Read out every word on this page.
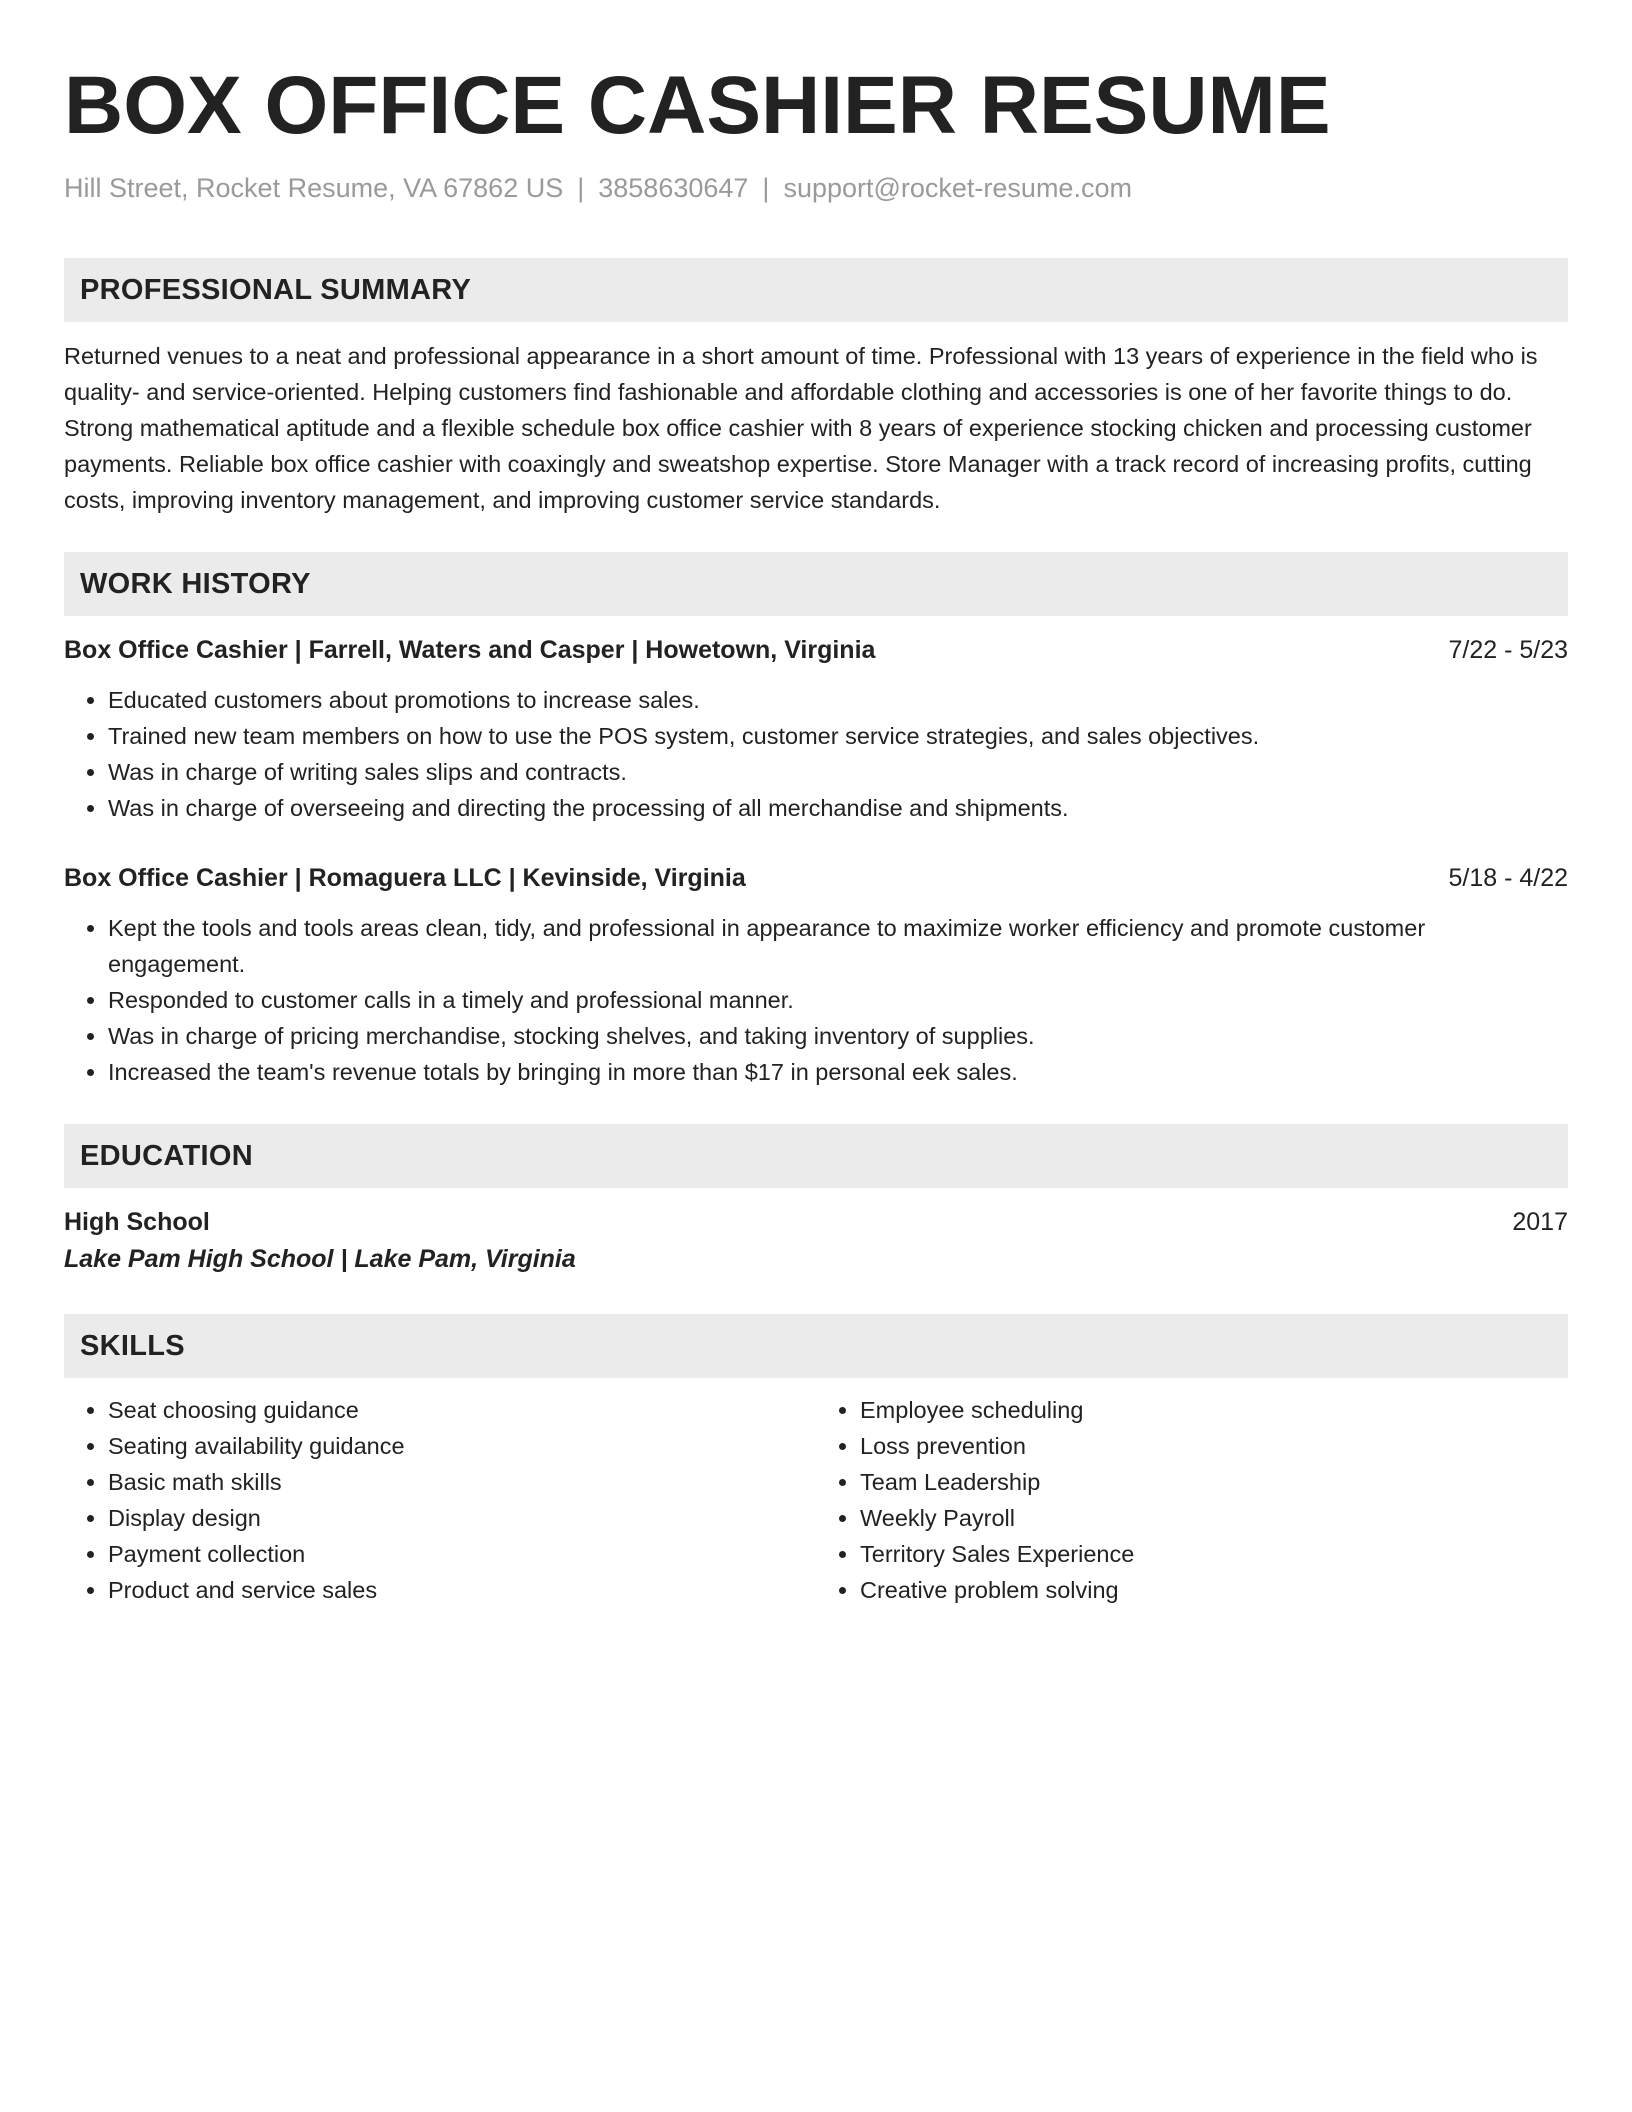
BOX OFFICE CASHIER RESUME
Hill Street, Rocket Resume, VA 67862 US | 3858630647 | support@rocket-resume.com
PROFESSIONAL SUMMARY

Returned venues to a neat and professional appearance in a short amount of time. Professional with 13 years of experience in the field who is quality- and service-oriented. Helping customers find fashionable and affordable clothing and accessories is one of her favorite things to do. Strong mathematical aptitude and a flexible schedule box office cashier with 8 years of experience stocking chicken and processing customer payments. Reliable box office cashier with coaxingly and sweatshop expertise. Store Manager with a track record of increasing profits, cutting costs, improving inventory management, and improving customer service standards.

WORK HISTORY
Box Office Cashier | Farrell, Waters and Casper | Howetown, Virginia	7/22 - 5/23
• Educated customers about promotions to increase sales.
• Trained new team members on how to use the POS system, customer service strategies, and sales objectives.
• Was in charge of writing sales slips and contracts.
• Was in charge of overseeing and directing the processing of all merchandise and shipments.
Box Office Cashier | Romaguera LLC | Kevinside, Virginia	5/18 - 4/22
• Kept the tools and tools areas clean, tidy, and professional in appearance to maximize worker efficiency and promote customer engagement.
• Responded to customer calls in a timely and professional manner.
• Was in charge of pricing merchandise, stocking shelves, and taking inventory of supplies.
• Increased the team's revenue totals by bringing in more than $17 in personal eek sales.
EDUCATION
High School	2017
Lake Pam High School | Lake Pam, Virginia
SKILLS
• Seat choosing guidance
• Seating availability guidance
• Basic math skills
• Display design
• Payment collection
• Product and service sales
• Employee scheduling
• Loss prevention
• Team Leadership
• Weekly Payroll
• Territory Sales Experience
• Creative problem solving
